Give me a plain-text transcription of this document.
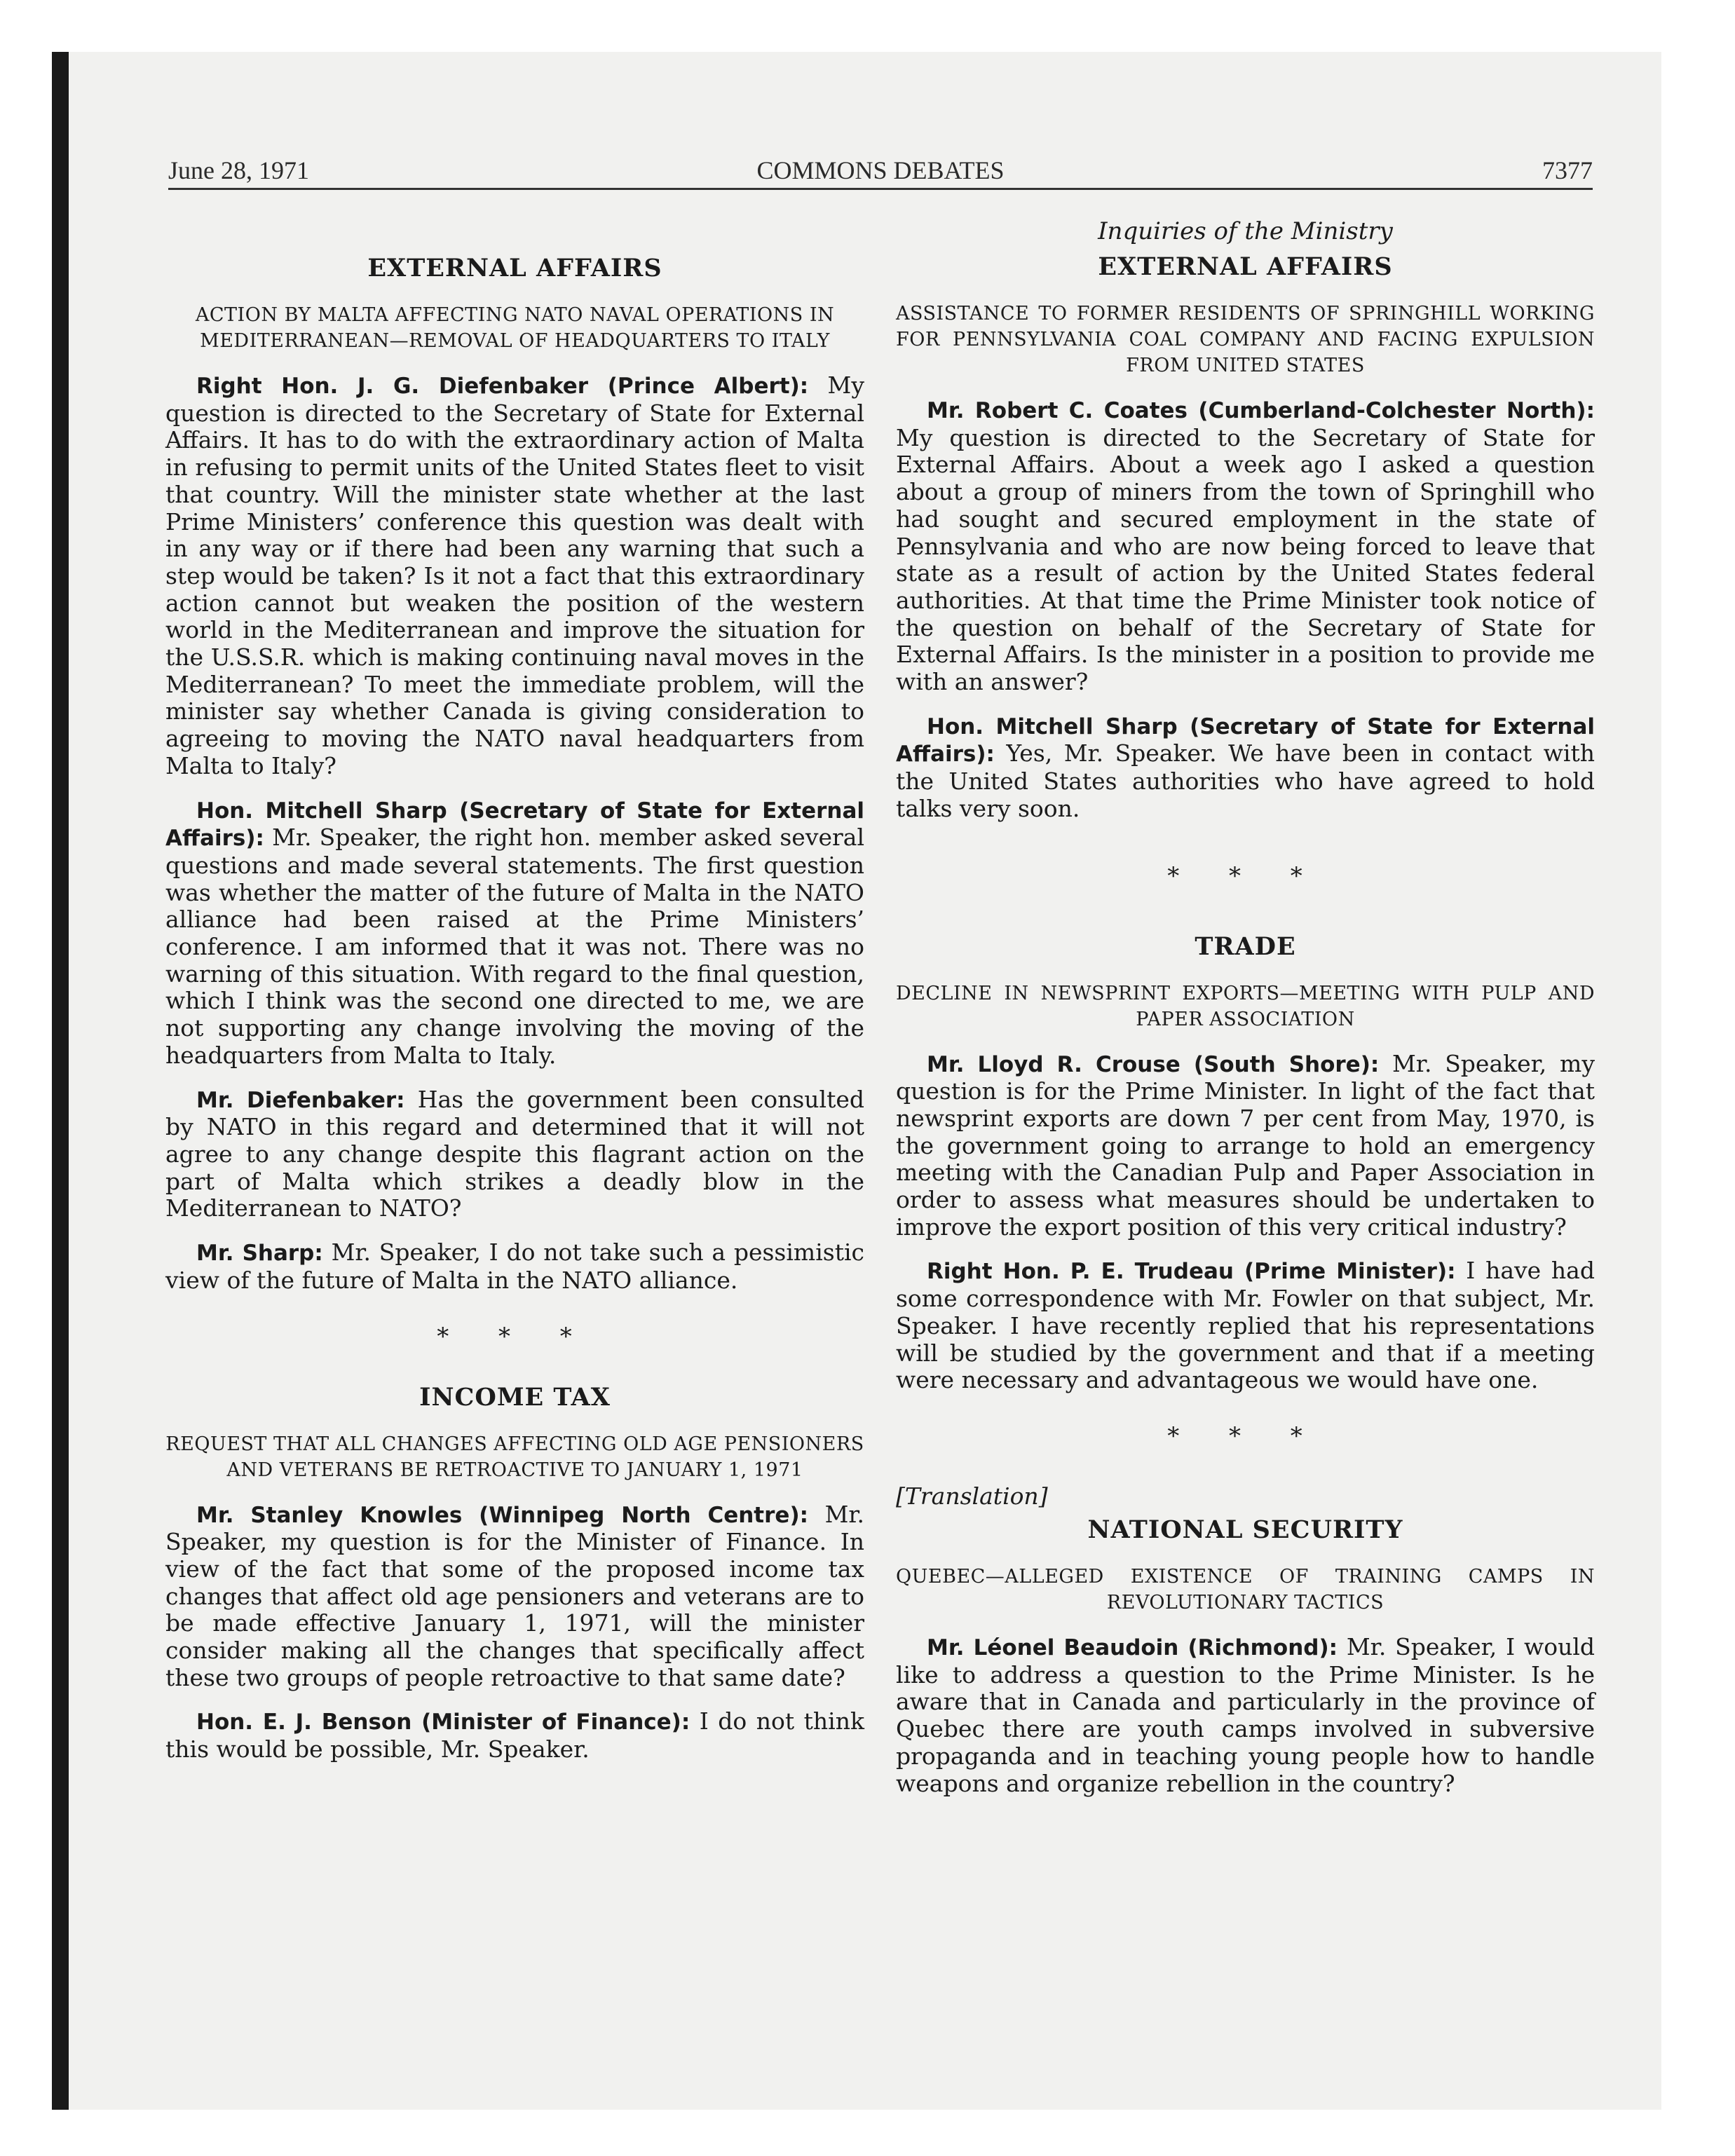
June 28, 1971	COMMONS DEBATES	7377
EXTERNAL AFFAIRS
ACTION BY MALTA AFFECTING NATO NAVAL OPERATIONS IN MEDITERRANEAN—REMOVAL OF HEADQUARTERS TO ITALY

Right Hon. J. G. Diefenbaker (Prince Albert): My question is directed to the Secretary of State for External Affairs. It has to do with the extraordinary action of Malta in refusing to permit units of the United States fleet to visit that country. Will the minister state whether at the last Prime Ministers’ conference this question was dealt with in any way or if there had been any warning that such a step would be taken? Is it not a fact that this extraordinary action cannot but weaken the position of the western world in the Mediterranean and improve the situation for the U.S.S.R. which is making continuing naval moves in the Mediterranean? To meet the immediate problem, will the minister say whether Canada is giving consideration to agreeing to moving the NATO naval headquarters from Malta to Italy?

Hon. Mitchell Sharp (Secretary of State for External Affairs): Mr. Speaker, the right hon. member asked several questions and made several statements. The first question was whether the matter of the future of Malta in the NATO alliance had been raised at the Prime Ministers’ conference. I am informed that it was not. There was no warning of this situation. With regard to the final question, which I think was the second one directed to me, we are not supporting any change involving the moving of the headquarters from Malta to Italy.

Mr. Diefenbaker: Has the government been consulted by NATO in this regard and determined that it will not agree to any change despite this flagrant action on the part of Malta which strikes a deadly blow in the Mediterranean to NATO?

Mr. Sharp: Mr. Speaker, I do not take such a pessimistic view of the future of Malta in the NATO alliance.

* * *
INCOME TAX
REQUEST THAT ALL CHANGES AFFECTING OLD AGE PENSIONERS AND VETERANS BE RETROACTIVE TO JANUARY 1, 1971

Mr. Stanley Knowles (Winnipeg North Centre): Mr. Speaker, my question is for the Minister of Finance. In view of the fact that some of the proposed income tax changes that affect old age pensioners and veterans are to be made effective January 1, 1971, will the minister consider making all the changes that specifically affect these two groups of people retroactive to that same date?

Hon. E. J. Benson (Minister of Finance): I do not think this would be possible, Mr. Speaker.

Inquiries of the Ministry
EXTERNAL AFFAIRS
ASSISTANCE TO FORMER RESIDENTS OF SPRINGHILL WORKING FOR PENNSYLVANIA COAL COMPANY AND FACING EXPULSION FROM UNITED STATES

Mr. Robert C. Coates (Cumberland-Colchester North): My question is directed to the Secretary of State for External Affairs. About a week ago I asked a question about a group of miners from the town of Springhill who had sought and secured employment in the state of Pennsylvania and who are now being forced to leave that state as a result of action by the United States federal authorities. At that time the Prime Minister took notice of the question on behalf of the Secretary of State for External Affairs. Is the minister in a position to provide me with an answer?

Hon. Mitchell Sharp (Secretary of State for External Affairs): Yes, Mr. Speaker. We have been in contact with the United States authorities who have agreed to hold talks very soon.

* * *
TRADE
DECLINE IN NEWSPRINT EXPORTS—MEETING WITH PULP AND PAPER ASSOCIATION

Mr. Lloyd R. Crouse (South Shore): Mr. Speaker, my question is for the Prime Minister. In light of the fact that newsprint exports are down 7 per cent from May, 1970, is the government going to arrange to hold an emergency meeting with the Canadian Pulp and Paper Association in order to assess what measures should be undertaken to improve the export position of this very critical industry?

Right Hon. P. E. Trudeau (Prime Minister): I have had some correspondence with Mr. Fowler on that subject, Mr. Speaker. I have recently replied that his representations will be studied by the government and that if a meeting were necessary and advantageous we would have one.

* * *
[Translation]
NATIONAL SECURITY
QUEBEC—ALLEGED EXISTENCE OF TRAINING CAMPS IN REVOLUTIONARY TACTICS

Mr. Léonel Beaudoin (Richmond): Mr. Speaker, I would like to address a question to the Prime Minister. Is he aware that in Canada and particularly in the province of Quebec there are youth camps involved in subversive propaganda and in teaching young people how to handle weapons and organize rebellion in the country?
